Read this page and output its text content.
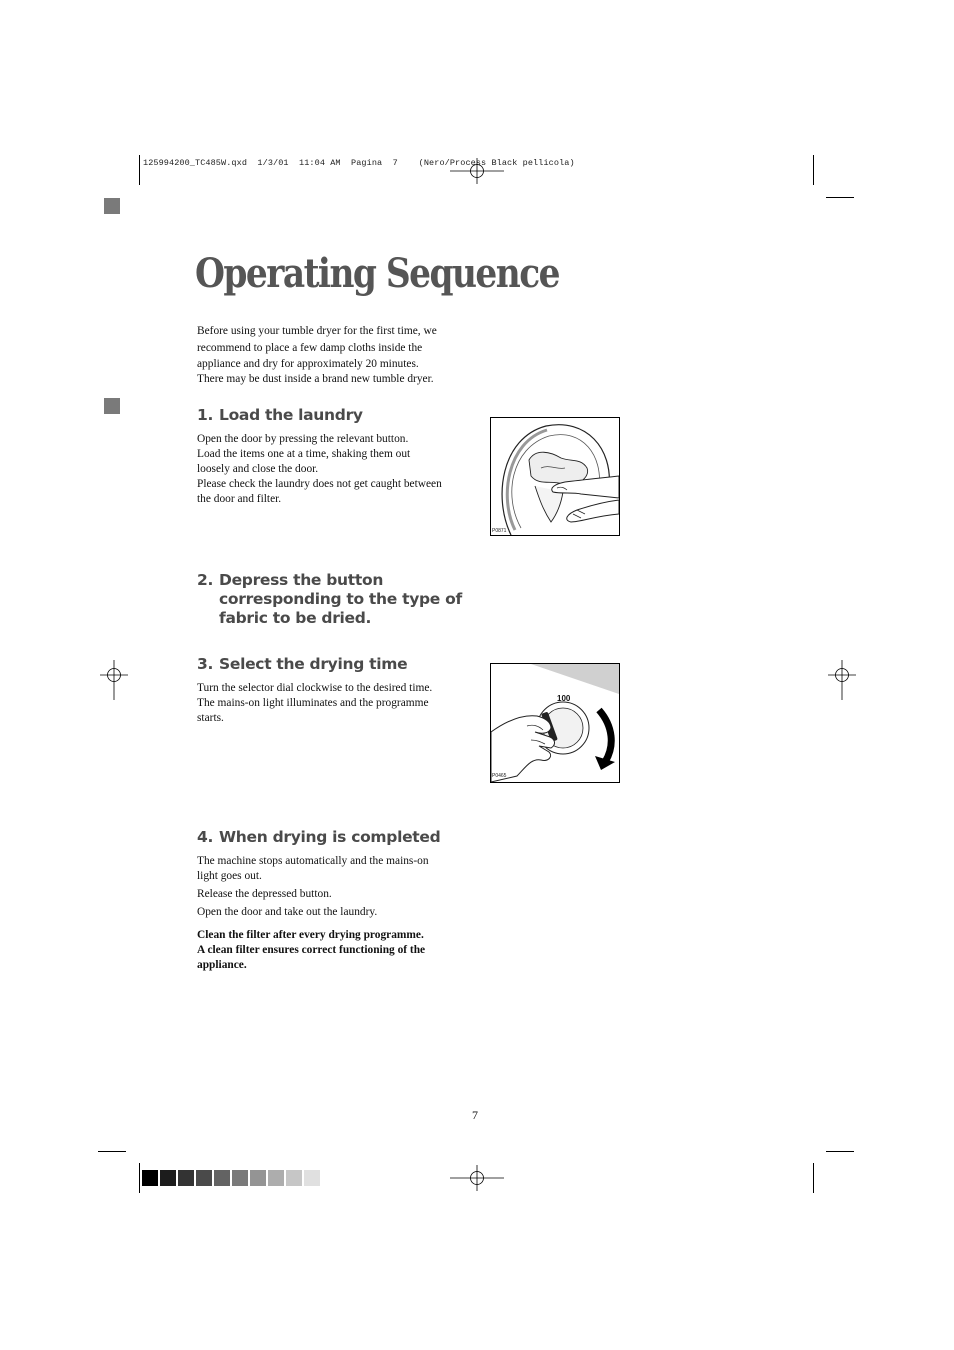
125994200_TC485W.qxd  1/3/01  11:04 AM  Pagina  7    (Nero/Process Black pellicola)
Operating Sequence

Before using your tumble dryer for the first time, we

recommend to place a few damp cloths inside the

appliance and dry for approximately 20 minutes.

There may be dust inside a brand new tumble dryer.

1. Load the laundry

Open the door by pressing the relevant button.

Load the items one at a time, shaking them out

loosely and close the door.

Please check the laundry does not get caught between

the door and filter.

P0871
2. Depress the button
corresponding to the type of
fabric to be dried.
3. Select the drying time

Turn the selector dial clockwise to the desired time.

The mains-on light illuminates and the programme

starts.

100
P0465
4. When drying is completed

The machine stops automatically and the mains-on

light goes out.

Release the depressed button.

Open the door and take out the laundry.

Clean the filter after every drying programme.

A clean filter ensures correct functioning of the

appliance.

7
